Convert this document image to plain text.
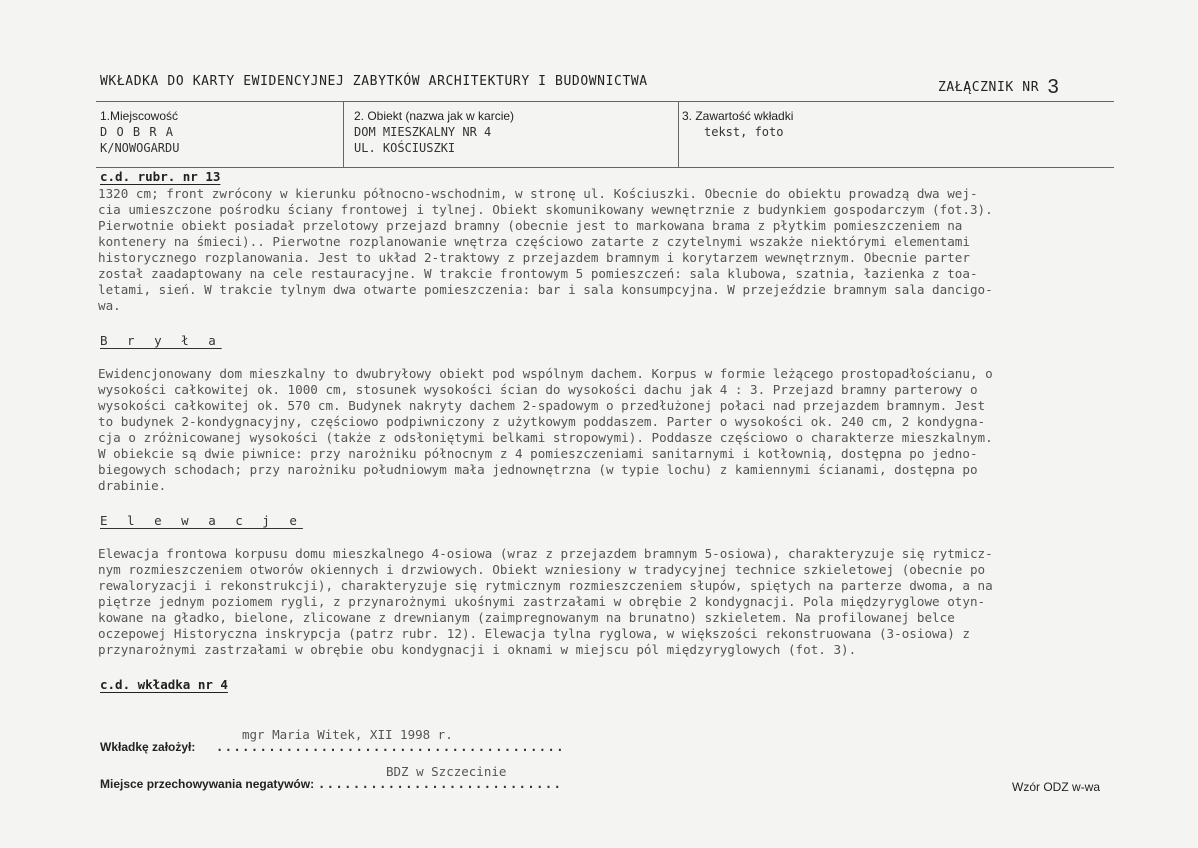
WKŁADKA DO KARTY EWIDENCYJNEJ ZABYTKÓW ARCHITEKTURY I BUDOWNICTWA	ZAŁĄCZNIK NR 3
1.Miejscowość
D O B R A
K/NOWOGARDU
2. Obiekt (nazwa jak w karcie)
DOM MIESZKALNY NR 4
UL. KOŚCIUSZKI
3. Zawartość wkładki
tekst, foto
c.d. rubr. nr 13

1320 cm; front zwrócony w kierunku północno-wschodnim, w stronę ul. Kościuszki. Obecnie do obiektu prowadzą dwa wej-

cia umieszczone pośrodku ściany frontowej i tylnej. Obiekt skomunikowany wewnętrznie z budynkiem gospodarczym (fot.3).

Pierwotnie obiekt posiadał przelotowy przejazd bramny (obecnie jest to markowana brama z płytkim pomieszczeniem na

kontenery na śmieci).. Pierwotne rozplanowanie wnętrza częściowo zatarte z czytelnymi wszakże niektórymi elementami

historycznego rozplanowania. Jest to układ 2-traktowy z przejazdem bramnym i korytarzem wewnętrznym. Obecnie parter

został zaadaptowany na cele restauracyjne. W trakcie frontowym 5 pomieszczeń: sala klubowa, szatnia, łazienka z toa-

letami, sień. W trakcie tylnym dwa otwarte pomieszczenia: bar i sala konsumpcyjna. W przejeździe bramnym sala dancigo-

wa.

B r y ł a

Ewidencjonowany dom mieszkalny to dwubryłowy obiekt pod wspólnym dachem. Korpus w formie leżącego prostopadłościanu, o

wysokości całkowitej ok. 1000 cm, stosunek wysokości ścian do wysokości dachu jak 4 : 3. Przejazd bramny parterowy o

wysokości całkowitej ok. 570 cm. Budynek nakryty dachem 2-spadowym o przedłużonej połaci nad przejazdem bramnym. Jest

to budynek 2-kondygnacyjny, częściowo podpiwniczony z użytkowym poddaszem. Parter o wysokości ok. 240 cm, 2 kondygna-

cja o zróżnicowanej wysokości (także z odsłoniętymi belkami stropowymi). Poddasze częściowo o charakterze mieszkalnym.

W obiekcie są dwie piwnice: przy narożniku północnym z 4 pomieszczeniami sanitarnymi i kotłownią, dostępna po jedno-

biegowych schodach; przy narożniku południowym mała jednownętrzna (w typie lochu) z kamiennymi ścianami, dostępna po

drabinie.

E l e w a c j e

Elewacja frontowa korpusu domu mieszkalnego 4-osiowa (wraz z przejazdem bramnym 5-osiowa), charakteryzuje się rytmicz-

nym rozmieszczeniem otworów okiennych i drzwiowych. Obiekt wzniesiony w tradycyjnej technice szkieletowej (obecnie po

rewaloryzacji i rekonstrukcji), charakteryzuje się rytmicznym rozmieszczeniem słupów, spiętych na parterze dwoma, a na

piętrze jednym poziomem rygli, z przynarożnymi ukośnymi zastrzałami w obrębie 2 kondygnacji. Pola międzyryglowe otyn-

kowane na gładko, bielone, zlicowane z drewnianym (zaimpregnowanym na brunatno) szkieletem. Na profilowanej belce

oczepowej Historyczna inskrypcja (patrz rubr. 12). Elewacja tylna ryglowa, w większości rekonstruowana (3-osiowa) z

przynarożnymi zastrzałami w obrębie obu kondygnacji i oknami w miejscu pól międzyryglowych (fot. 3).

c.d. wkładka nr 4
mgr Maria Witek, XII 1998 r.
Wkładkę założył: ........................................
BDZ w Szczecinie
Miejsce przechowywania negatywów: ............................	Wzór ODZ w-wa
